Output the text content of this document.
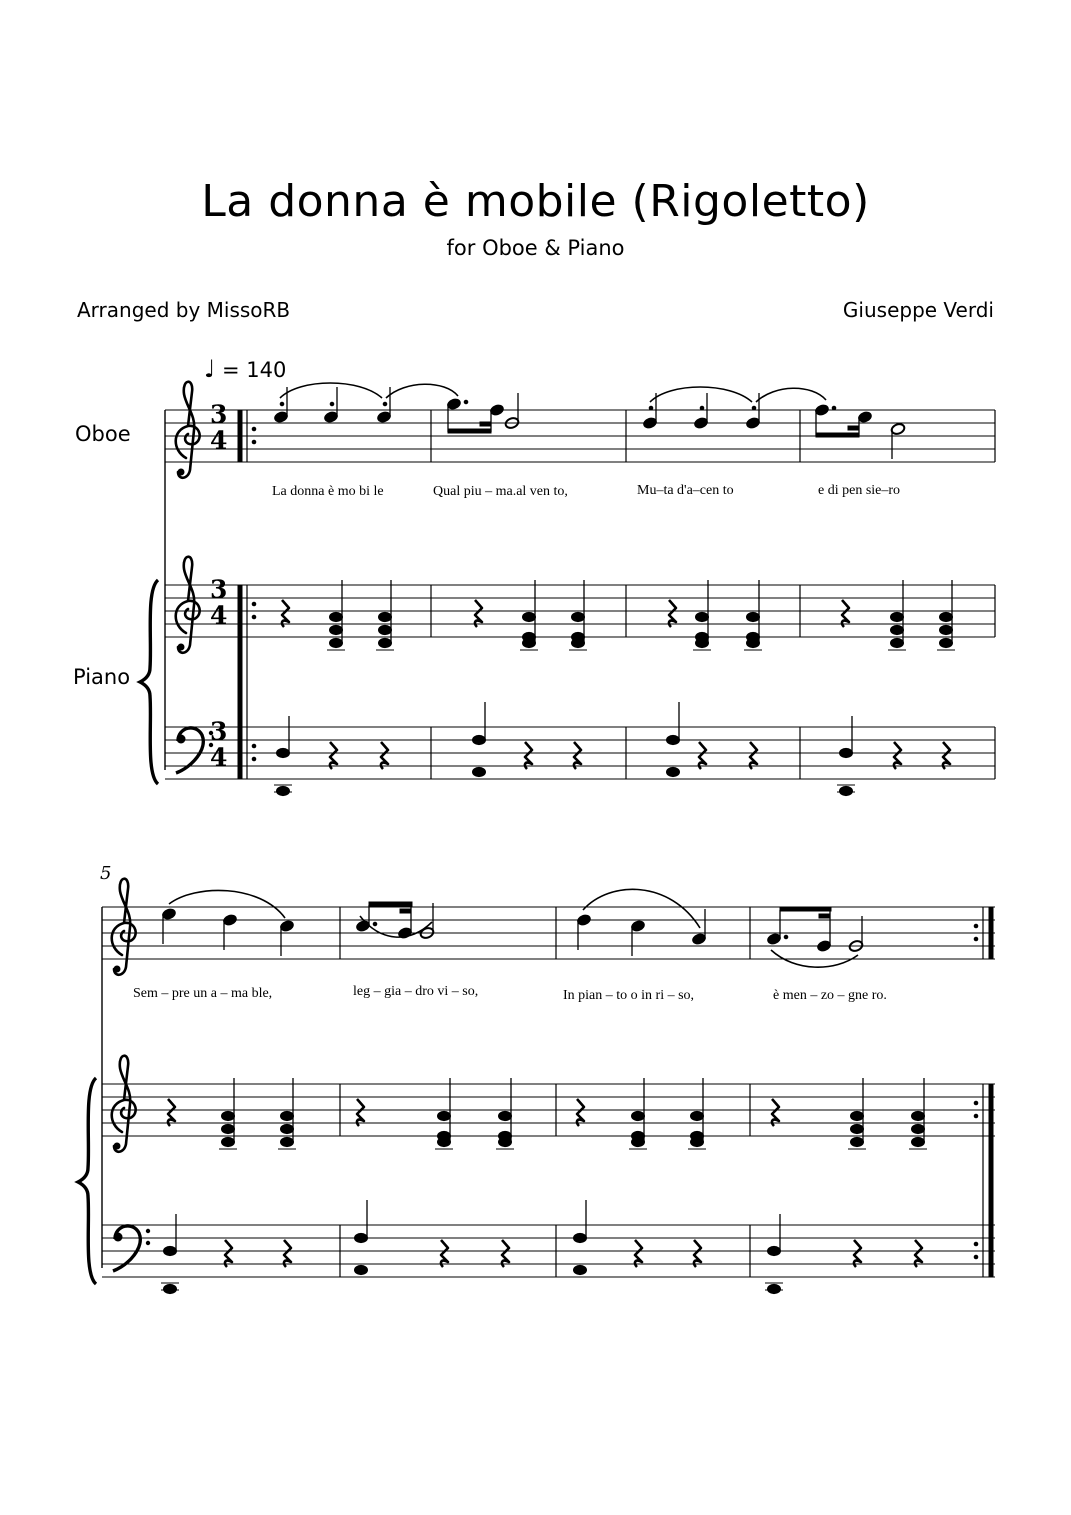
La donna è mobile (Rigoletto)
for Oboe & Piano
Arranged by MissoRB	Giuseppe Verdi
♩ = 140
Oboe
Piano
5
La donna è mo bi le	Qual piu – ma.al ven to,	Mu–ta d'a–cen to	e di pen sie–ro
Sem – pre un a – ma ble,	leg – gia – dro vi – so,	In pian – to o in ri – so,	è men – zo – gne ro.
3
4
3
4
3
4
